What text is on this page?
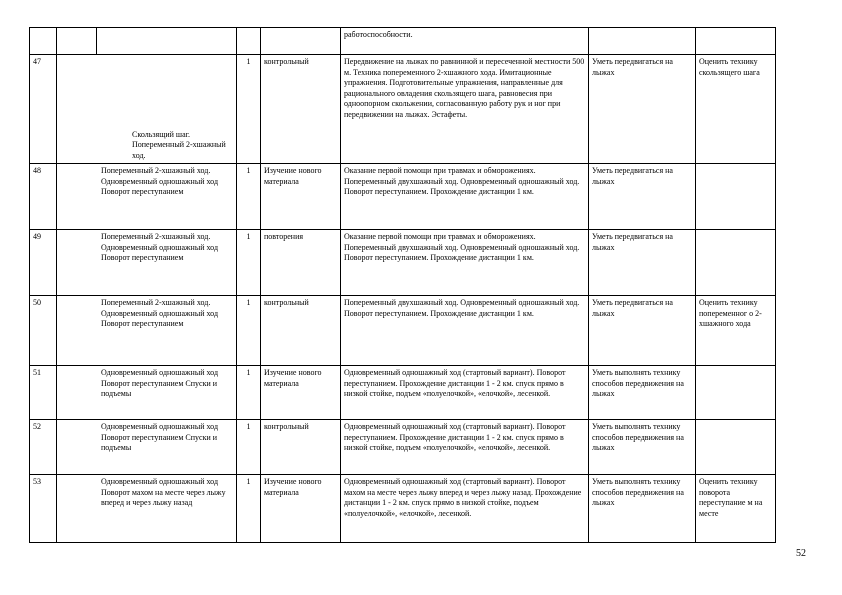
					работоспособности.		
47	Скользящий шаг. Попеременный 2-хшажный ход.		1	контрольный	Передвижение на лыжах по равнинной и пересеченной местности 500 м. Техника попеременного 2-хшажного хода. Имитационные упражнения. Подготовительные упражнения, направленные для рационального овладения скользящего шага, равновесия при одноопорном скольжении, согласованную работу рук и ног при передвижении на лыжах. Эстафеты.	Уметь передвигаться на лыжах	Оценить технику скользящего шага
48	Попеременный 2-хшажный ход. Одновременный одношажный ход Поворот переступанием		1	Изучение нового материала	Оказание первой помощи при травмах и обморожениях. Попеременный двухшажный ход. Одновременный одношажный ход. Поворот переступанием. Прохождение дистанции 1 км.	Уметь передвигаться на лыжах	
49	Попеременный 2-хшажный ход. Одновременный одношажный ход Поворот переступанием		1	повторения	Оказание первой помощи при травмах и обморожениях. Попеременный двухшажный ход. Одновременный одношажный ход. Поворот переступанием. Прохождение дистанции 1 км.	Уметь передвигаться на лыжах	
50	Попеременный 2-хшажный ход. Одновременный одношажный ход Поворот переступанием		1	контрольный	Попеременный двухшажный ход. Одновременный одношажный ход. Поворот переступанием. Прохождение дистанции 1 км.	Уметь передвигаться на лыжах	Оценить технику попеременног о 2-хшажного хода
51	Одновременный одношажный ход Поворот переступанием Спуски и подъемы		1	Изучение нового материала	Одновременный одношажный ход (стартовый вариант). Поворот переступанием. Прохождение дистанции 1 - 2 км. спуск прямо в низкой стойке, подъем «полуелочкой», «елочкой», лесенкой.	Уметь выполнять технику способов передвижения на лыжах	
52	Одновременный одношажный ход Поворот переступанием Спуски и подъемы		1	контрольный	Одновременный одношажный ход (стартовый вариант). Поворот переступанием. Прохождение дистанции 1 - 2 км. спуск прямо в низкой стойке, подъем «полуелочкой», «елочкой», лесенкой.	Уметь выполнять технику способов передвижения на лыжах	
53	Одновременный одношажный ход Поворот махом на месте через лыжу вперед и через лыжу назад		1	Изучение нового материала	Одновременный одношажный ход (стартовый вариант). Поворот махом на месте через лыжу вперед и через лыжу назад. Прохождение дистанции 1 - 2 км. спуск прямо в низкой стойке, подъем «полуелочкой», «елочкой», лесенкой.	Уметь выполнять технику способов передвижения на лыжах	Оценить технику поворота переступание м на месте
52
